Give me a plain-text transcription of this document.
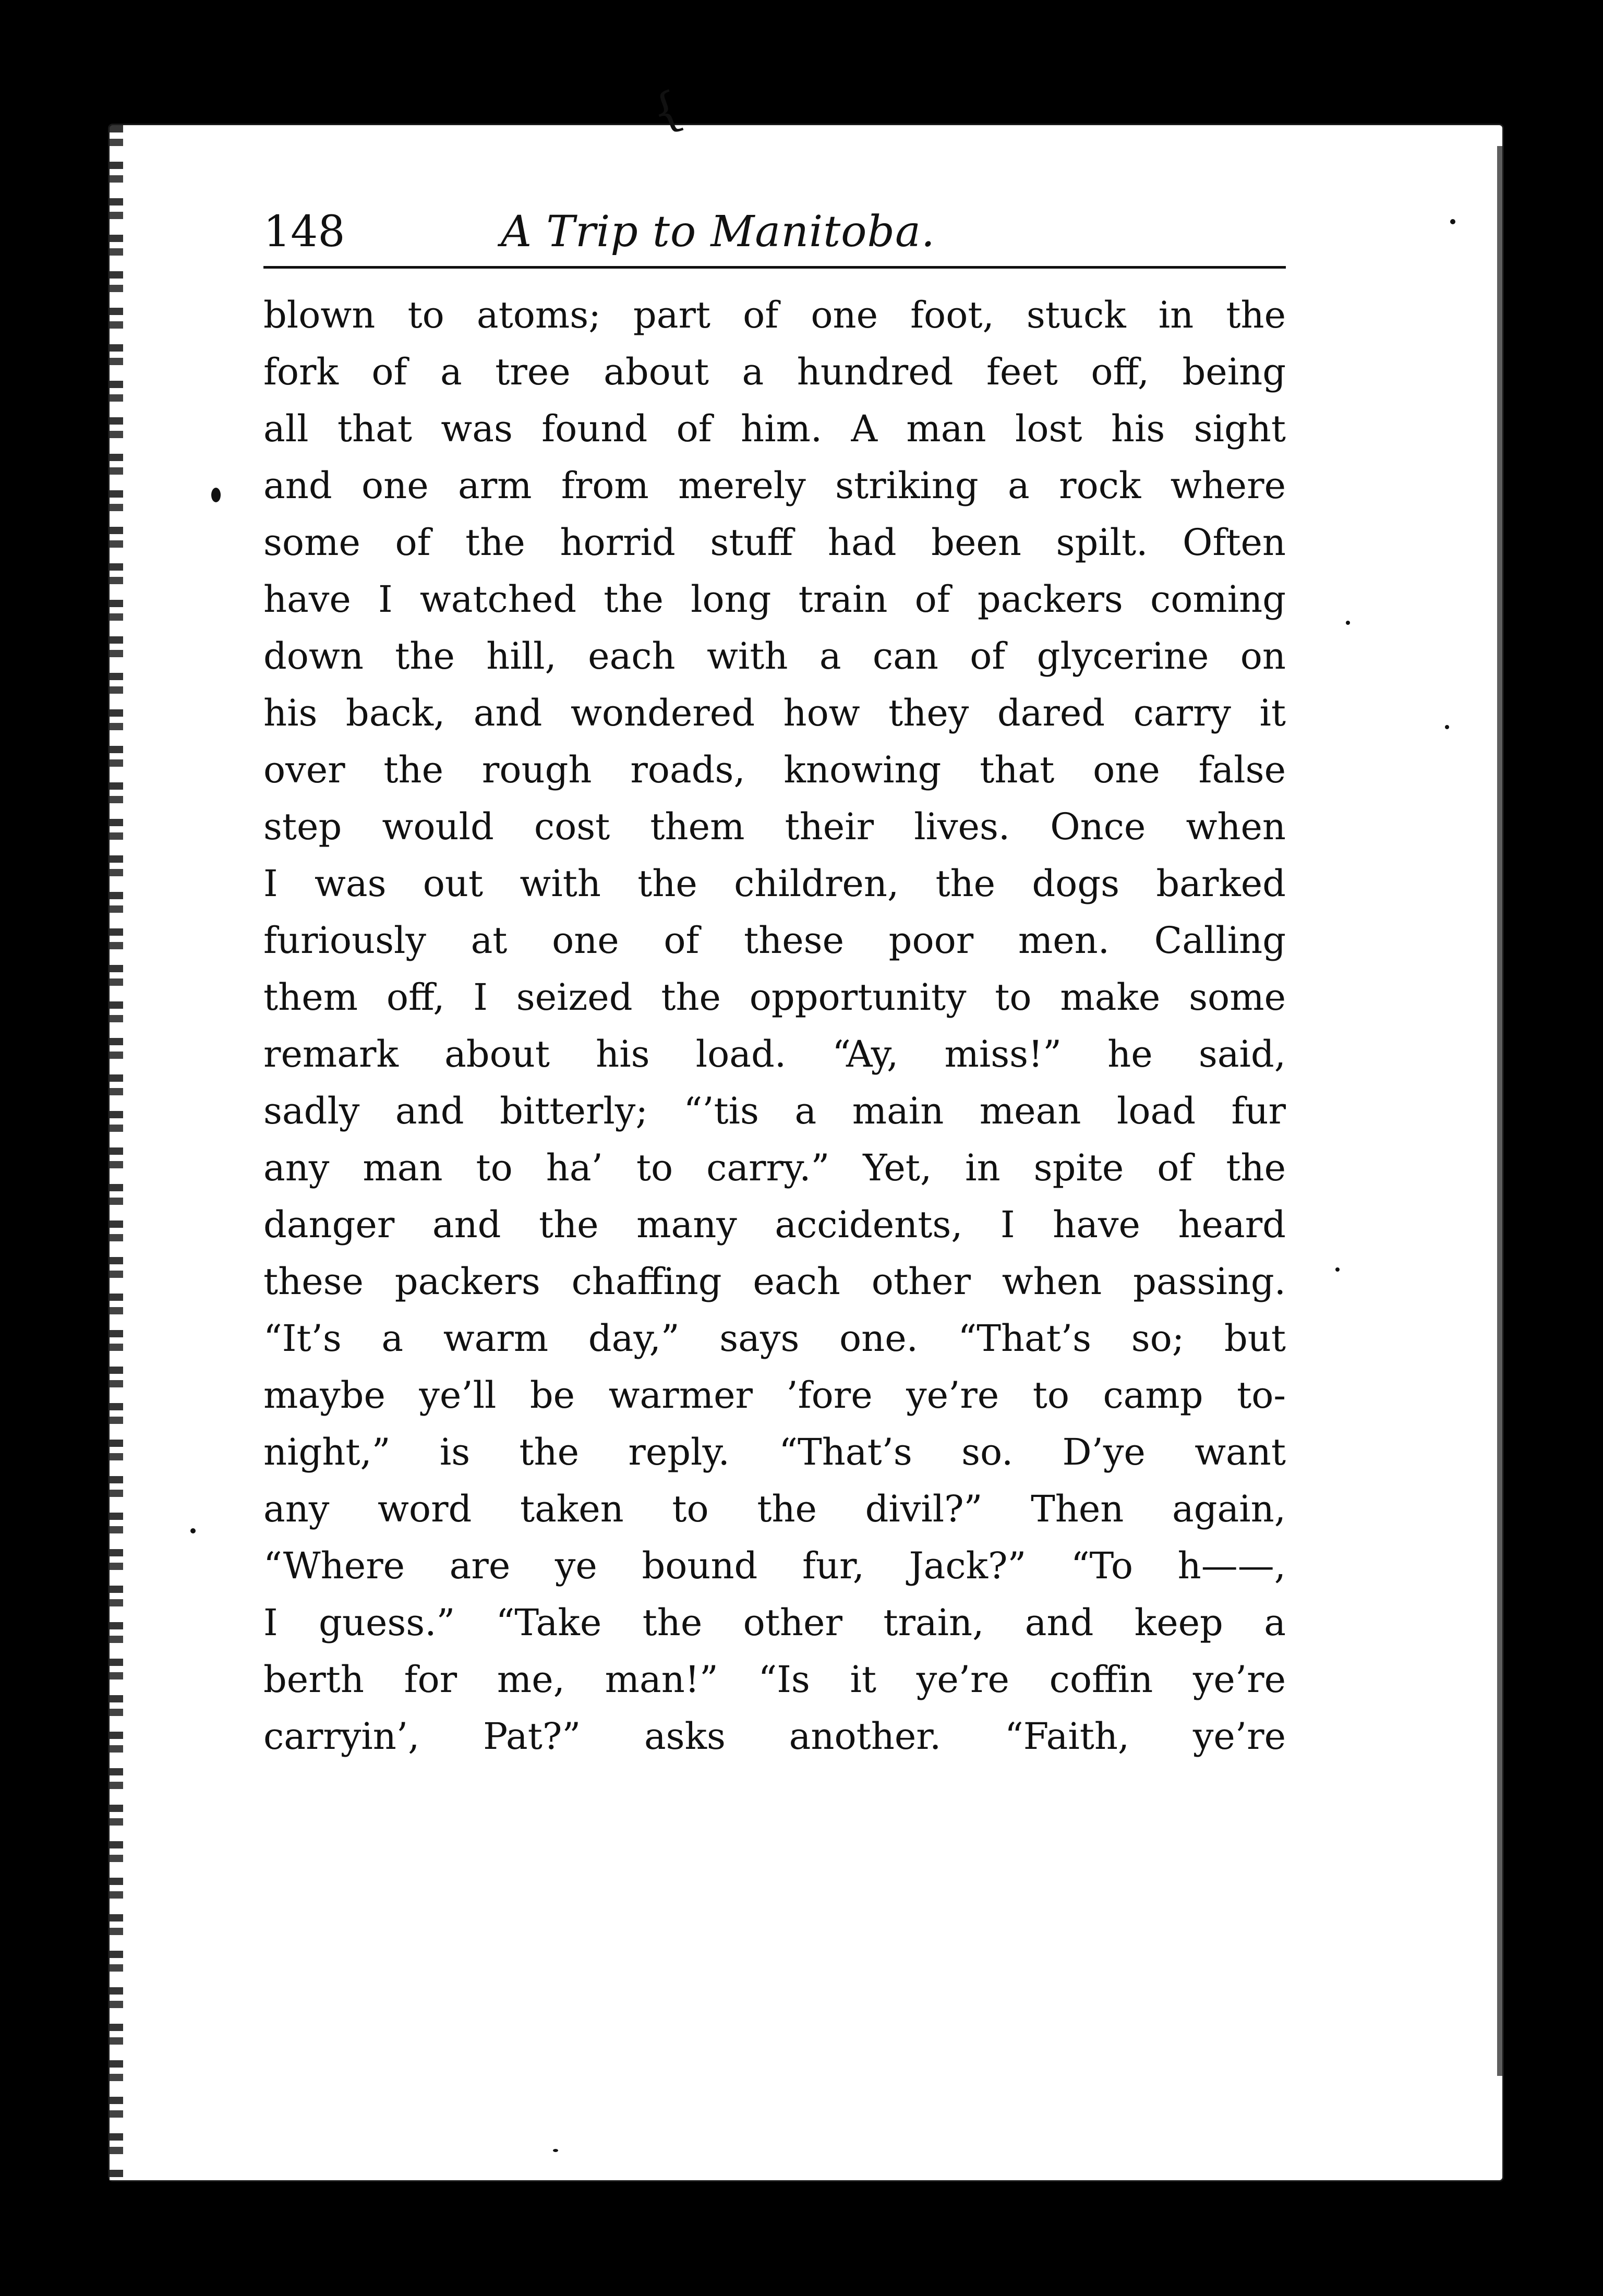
{
148	A Trip to Manitoba.
blown to atoms; part of one foot, stuck in the
fork of a tree about a hundred feet off, being
all that was found of him. A man lost his sight
and one arm from merely striking a rock where
some of the horrid stuff had been spilt. Often
have I watched the long train of packers coming
down the hill, each with a can of glycerine on
his back, and wondered how they dared carry it
over the rough roads, knowing that one false
step would cost them their lives. Once when
I was out with the children, the dogs barked
furiously at one of these poor men. Calling
them off, I seized the opportunity to make some
remark about his load. “Ay, miss!” he said,
sadly and bitterly; “’tis a main mean load fur
any man to ha’ to carry.” Yet, in spite of the
danger and the many accidents, I have heard
these packers chaffing each other when passing.
“It’s a warm day,” says one. “That’s so; but
maybe ye’ll be warmer ’fore ye’re to camp to-
night,” is the reply. “That’s so. D’ye want
any word taken to the divil?” Then again,
“Where are ye bound fur, Jack?” “To h——,
I guess.” “Take the other train, and keep a
berth for me, man!” “Is it ye’re coffin ye’re
carryin’, Pat?” asks another. “Faith, ye’re
